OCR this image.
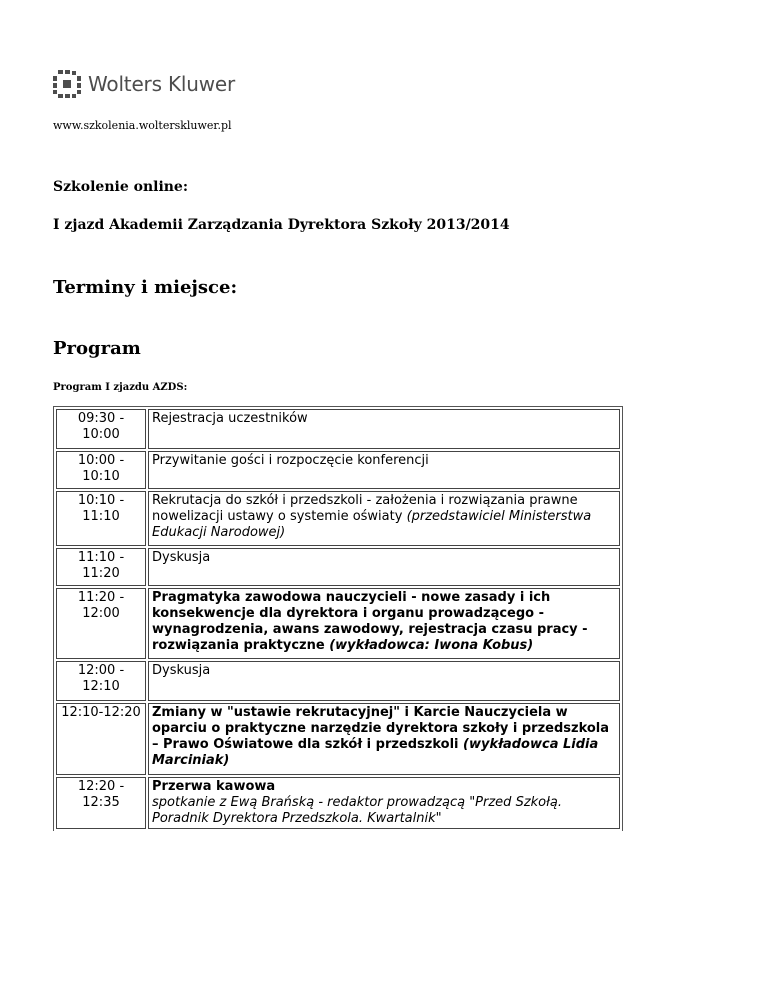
Wolters Kluwer
www.szkolenia.wolterskluwer.pl
Szkolenie online:
I zjazd Akademii Zarządzania Dyrektora Szkoły 2013/2014
Terminy i miejsce:
Program
Program I zjazdu AZDS:
09:30 - 10:00	Rejestracja uczestników
10:00 - 10:10	Przywitanie gości i rozpoczęcie konferencji
10:10 - 11:10	Rekrutacja do szkół i przedszkoli - założenia i rozwiązania prawne nowelizacji ustawy o systemie oświaty (przedstawiciel Ministerstwa Edukacji Narodowej)
11:10 - 11:20	Dyskusja
11:20 - 12:00	Pragmatyka zawodowa nauczycieli - nowe zasady i ich konsekwencje dla dyrektora i organu prowadzącego - wynagrodzenia, awans zawodowy, rejestracja czasu pracy - rozwiązania praktyczne (wykładowca: Iwona Kobus)
12:00 - 12:10	Dyskusja
12:10-12:20	Zmiany w "ustawie rekrutacyjnej" i Karcie Nauczyciela w oparciu o praktyczne narzędzie dyrektora szkoły i przedszkola – Prawo Oświatowe dla szkół i przedszkoli (wykładowca Lidia Marciniak)
12:20 - 12:35	Przerwa kawowa
spotkanie z Ewą Brańską - redaktor prowadzącą "Przed Szkołą. Poradnik Dyrektora Przedszkola. Kwartalnik"
